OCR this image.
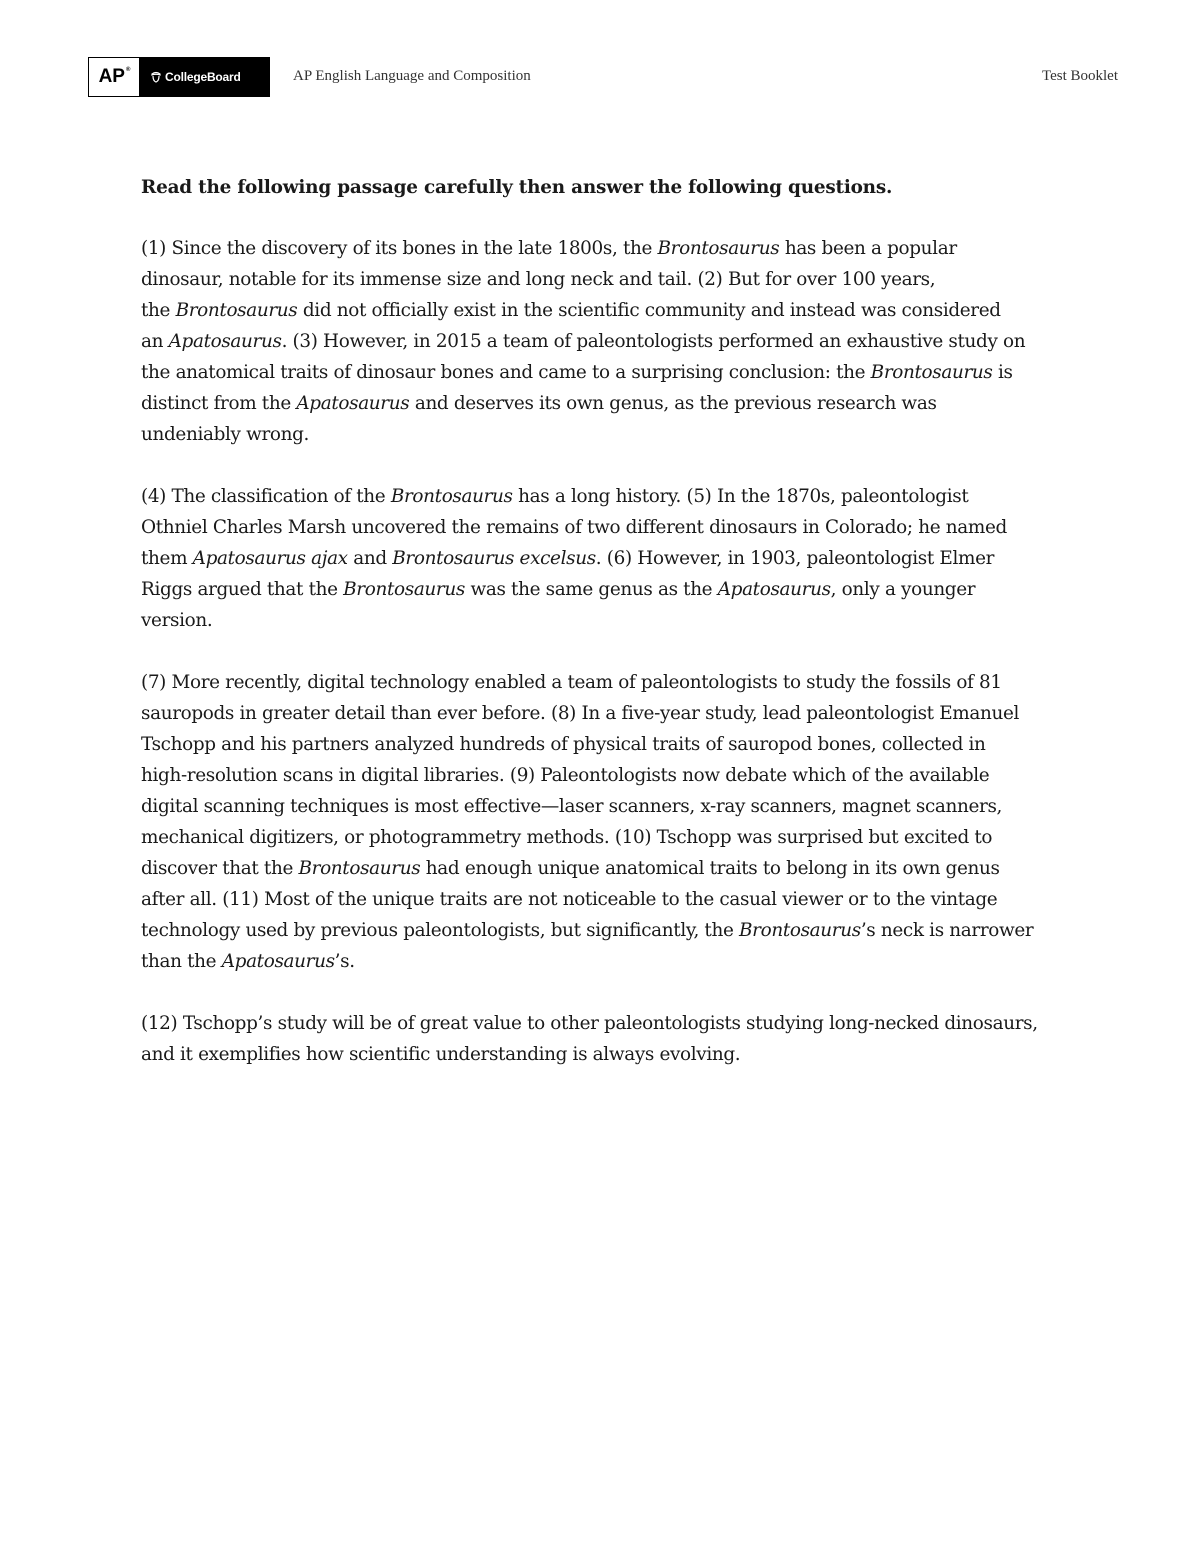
AP®	CollegeBoard	AP English Language and Composition	Test Booklet

Read the following passage carefully then answer the following questions.

(1) Since the discovery of its bones in the late 1800s, the Brontosaurus has been a popular
dinosaur, notable for its immense size and long neck and tail. (2) But for over 100 years,
the Brontosaurus did not officially exist in the scientific community and instead was considered
an Apatosaurus. (3) However, in 2015 a team of paleontologists performed an exhaustive study on
the anatomical traits of dinosaur bones and came to a surprising conclusion: the Brontosaurus is
distinct from the Apatosaurus and deserves its own genus, as the previous research was
undeniably wrong.

(4) The classification of the Brontosaurus has a long history. (5) In the 1870s, paleontologist
Othniel Charles Marsh uncovered the remains of two different dinosaurs in Colorado; he named
them Apatosaurus ajax and Brontosaurus excelsus. (6) However, in 1903, paleontologist Elmer
Riggs argued that the Brontosaurus was the same genus as the Apatosaurus, only a younger
version.

(7) More recently, digital technology enabled a team of paleontologists to study the fossils of 81
sauropods in greater detail than ever before. (8) In a five-year study, lead paleontologist Emanuel
Tschopp and his partners analyzed hundreds of physical traits of sauropod bones, collected in
high-resolution scans in digital libraries. (9) Paleontologists now debate which of the available
digital scanning techniques is most effective—laser scanners, x-ray scanners, magnet scanners,
mechanical digitizers, or photogrammetry methods. (10) Tschopp was surprised but excited to
discover that the Brontosaurus had enough unique anatomical traits to belong in its own genus
after all. (11) Most of the unique traits are not noticeable to the casual viewer or to the vintage
technology used by previous paleontologists, but significantly, the Brontosaurus’s neck is narrower
than the Apatosaurus’s.

(12) Tschopp’s study will be of great value to other paleontologists studying long-necked dinosaurs,
and it exemplifies how scientific understanding is always evolving.
